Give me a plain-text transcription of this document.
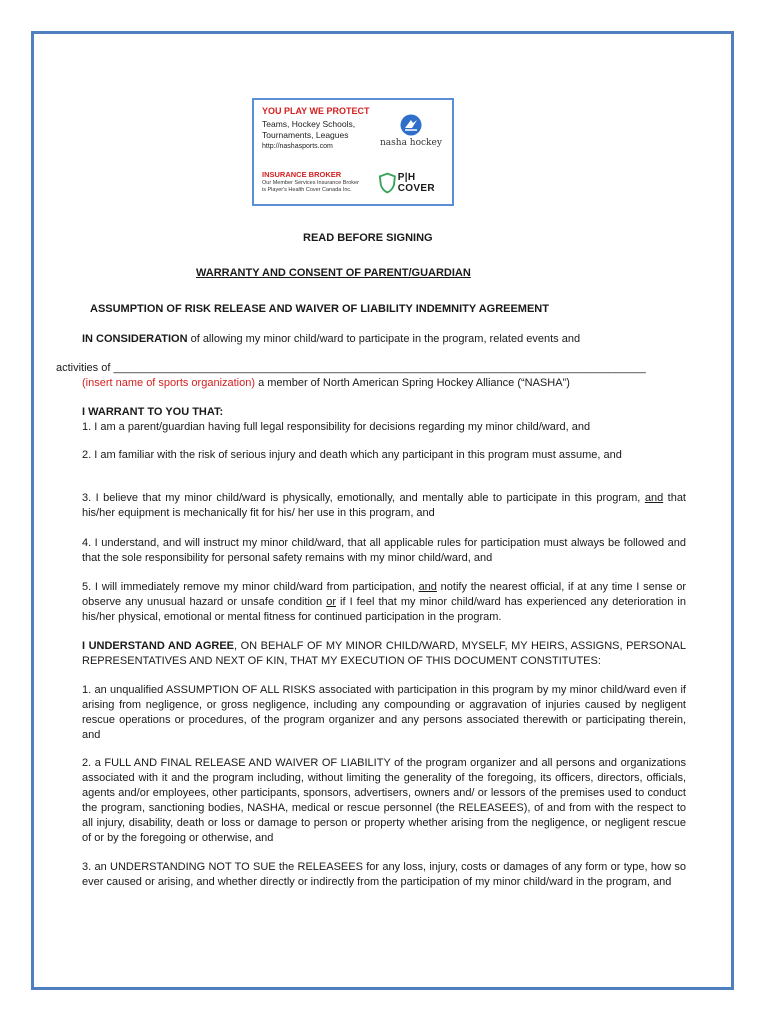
YOU PLAY WE PROTECT
Teams, Hockey Schools,
Tournaments, Leagues
http://nashasports.com	nasha hockey
INSURANCE BROKER
Our Member Services Insurance Broker
is Player's Health Cover Canada Inc.
P|H COVER
READ BEFORE SIGNING
WARRANTY AND CONSENT OF PARENT/GUARDIAN
ASSUMPTION OF RISK RELEASE AND WAIVER OF LIABILITY INDEMNITY AGREEMENT
IN CONSIDERATION of allowing my minor child/ward to participate in the program, related events and
activities of _______________________________________________________________________________________
(insert name of sports organization) a member of North American Spring Hockey Alliance (“NASHA”)
I WARRANT TO YOU THAT:
1. I am a parent/guardian having full legal responsibility for decisions regarding my minor child/ward, and
2. I am familiar with the risk of serious injury and death which any participant in this program must assume, and
3. I believe that my minor child/ward is physically, emotionally, and mentally able to participate in this program, and that his/her equipment is mechanically fit for his/ her use in this program, and
4. I understand, and will instruct my minor child/ward, that all applicable rules for participation must always be followed and that the sole responsibility for personal safety remains with my minor child/ward, and
5. I will immediately remove my minor child/ward from participation, and notify the nearest official, if at any time I sense or observe any unusual hazard or unsafe condition or if I feel that my minor child/ward has experienced any deterioration in his/her physical, emotional or mental fitness for continued participation in the program.
I UNDERSTAND AND AGREE, ON BEHALF OF MY MINOR CHILD/WARD, MYSELF, MY HEIRS, ASSIGNS, PERSONAL REPRESENTATIVES AND NEXT OF KIN, THAT MY EXECUTION OF THIS DOCUMENT CONSTITUTES:
1. an unqualified ASSUMPTION OF ALL RISKS associated with participation in this program by my minor child/ward even if arising from negligence, or gross negligence, including any compounding or aggravation of injuries caused by negligent rescue operations or procedures, of the program organizer and any persons associated therewith or participating therein, and
2. a FULL AND FINAL RELEASE AND WAIVER OF LIABILITY of the program organizer and all persons and organizations associated with it and the program including, without limiting the generality of the foregoing, its officers, directors, officials, agents and/or employees, other participants, sponsors, advertisers, owners and/ or lessors of the premises used to conduct the program, sanctioning bodies, NASHA, medical or rescue personnel (the RELEASEES), of and from with the respect to all injury, disability, death or loss or damage to person or property whether arising from the negligence, or negligent rescue of or by the foregoing or otherwise, and
3. an UNDERSTANDING NOT TO SUE the RELEASEES for any loss, injury, costs or damages of any form or type, how so ever caused or arising, and whether directly or indirectly from the participation of my minor child/ward in the program, and
